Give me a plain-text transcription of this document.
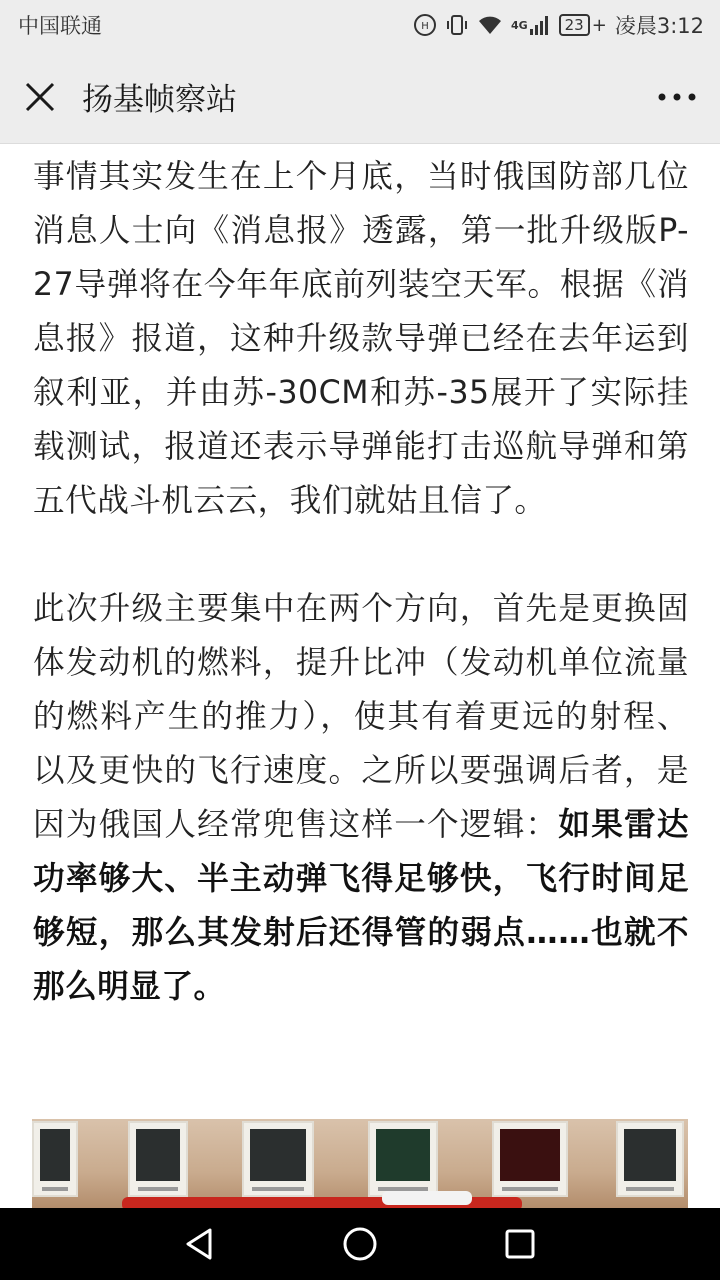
中国联通	H	4G	23 + 凌晨3:12
扬基帧察站

事情其实发生在上个月底，当时俄国防部几位消息人士向《消息报》透露，第一批升级版P-27导弹将在今年年底前列装空天军。根据《消息报》报道，这种升级款导弹已经在去年运到叙利亚，并由苏-30CM和苏-35展开了实际挂载测试，报道还表示导弹能打击巡航导弹和第五代战斗机云云，我们就姑且信了。

此次升级主要集中在两个方向，首先是更换固体发动机的燃料，提升比冲（发动机单位流量的燃料产生的推力），使其有着更远的射程、以及更快的飞行速度。之所以要强调后者，是因为俄国人经常兜售这样一个逻辑：如果雷达功率够大、半主动弹飞得足够快，飞行时间足够短，那么其发射后还得管的弱点……也就不那么明显了。
